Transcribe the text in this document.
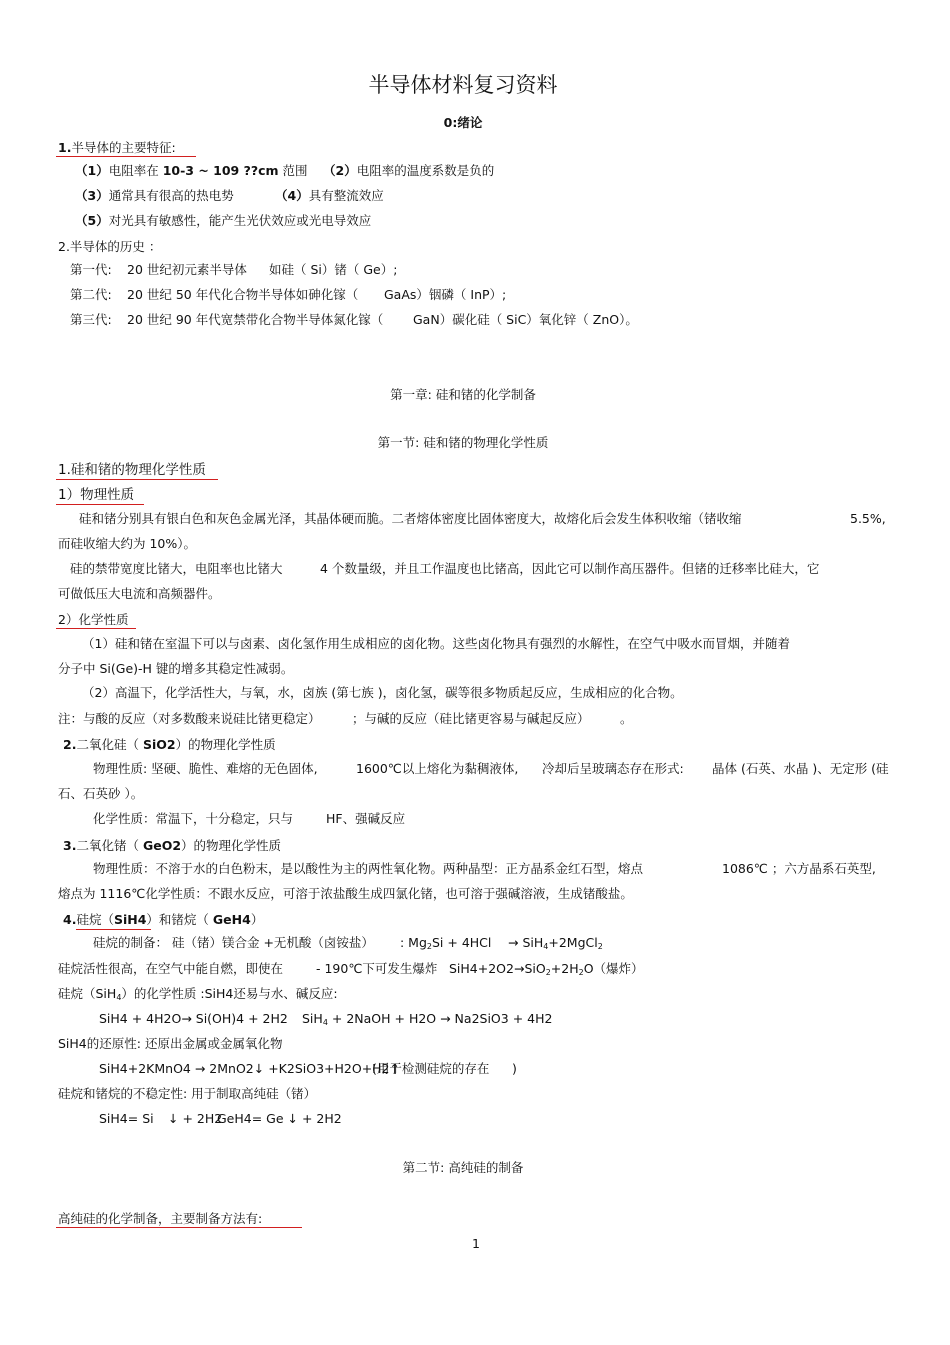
半导体材料复习资料
0:绪论
1.半导体的主要特征:
（1）电阻率在 10-3 ~ 109 ??cm 范围 （2）电阻率的温度系数是负的
（3）通常具有很高的热电势	（4）具有整流效应
（5）对光具有敏感性，能产生光伏效应或光电导效应
2.半导体的历史 ：
第一代: 20 世纪初元素半导体 如硅（ Si）锗（ Ge）;
第二代: 20 世纪 50 年代化合物半导体如砷化镓（ GaAs）铟磷（ InP）;
第三代: 20 世纪 90 年代宽禁带化合物半导体氮化镓（ GaN）碳化硅（ SiC）氧化锌（ ZnO）。
第一章: 硅和锗的化学制备
第一节: 硅和锗的物理化学性质
1.硅和锗的物理化学性质
1）物理性质
硅和锗分别具有银白色和灰色金属光泽，其晶体硬而脆。二者熔体密度比固体密度大，故熔化后会发生体积收缩（锗收缩	5.5%,
而硅收缩大约为 10%）。
硅的禁带宽度比锗大，电阻率也比锗大	4 个数量级，并且工作温度也比锗高，因此它可以制作高压器件。但锗的迁移率比硅大，它
可做低压大电流和高频器件。
2）化学性质
（1）硅和锗在室温下可以与卤素、卤化氢作用生成相应的卤化物。这些卤化物具有强烈的水解性，在空气中吸水而冒烟，并随着
分子中 Si(Ge)-H 键的增多其稳定性减弱。
（2）高温下，化学活性大，与氧，水，卤族 (第七族 )，卤化氢，碳等很多物质起反应，生成相应的化合物。
注：与酸的反应（对多数酸来说硅比锗更稳定）	；与碱的反应（硅比锗更容易与碱起反应） 。
2.二氧化硅（ SiO2）的物理化学性质
物理性质: 坚硬、脆性、难熔的无色固体,	1600℃以上熔化为黏稠液体, 冷却后呈玻璃态存在形式: 晶体 (石英、水晶 )、无定形 (硅
石、石英砂 ）。
化学性质：常温下，十分稳定，只与	HF、强碱反应
3.二氧化锗（ GeO2）的物理化学性质
物理性质：不溶于水的白色粉末，是以酸性为主的两性氧化物。两种晶型：正方晶系金红石型，熔点	1086℃ ；六方晶系石英型,
熔点为 1116℃化学性质：不跟水反应，可溶于浓盐酸生成四氯化锗，也可溶于强碱溶液，生成锗酸盐。
4.硅烷（SiH4）和锗烷（ GeH4）
硅烷的制备： 硅（锗）镁合金 +无机酸（卤铵盐） : $Mg_2Si + 4HCl$ → SiH$_4$+2MgCl$_2$
硅烷活性很高，在空气中能自燃，即使在	- 190℃下可发生爆炸 $SiH4+2O2\to SiO_2+2H_2O$（爆炸）
硅烷（SiH$_4$）的化学性质 :SiH4还易与水、碱反应:
SiH4 + 4H2O→ Si(OH)4 + 2H2 SiH$_4$ + 2NaOH + H2O → Na2SiO3 + 4H2
SiH4的还原性: 还原出金属或金属氧化物
SiH4+2KMnO4 → 2MnO2↓ +K2SiO3+H2O+H2↑
(用于检测硅烷的存在 )
硅烷和锗烷的不稳定性: 用于制取高纯硅（锗）
SiH4= Si ↓ + 2H2
GeH4= Ge ↓ + 2H2
第二节: 高纯硅的制备
高纯硅的化学制备，主要制备方法有:
1
